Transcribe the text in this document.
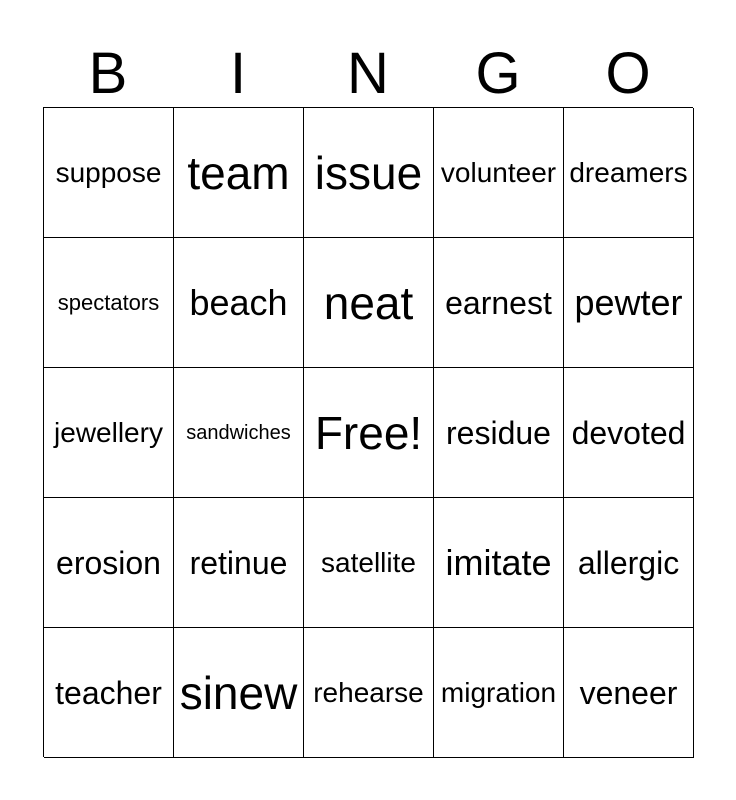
B	I	N	G	O
suppose team issue volunteer dreamers
spectators beach neat earnest pewter
jewellery	sandwiches Free! residue devoted
erosion retinue	satellite imitate allergic
teacher sinew rehearse migration veneer
